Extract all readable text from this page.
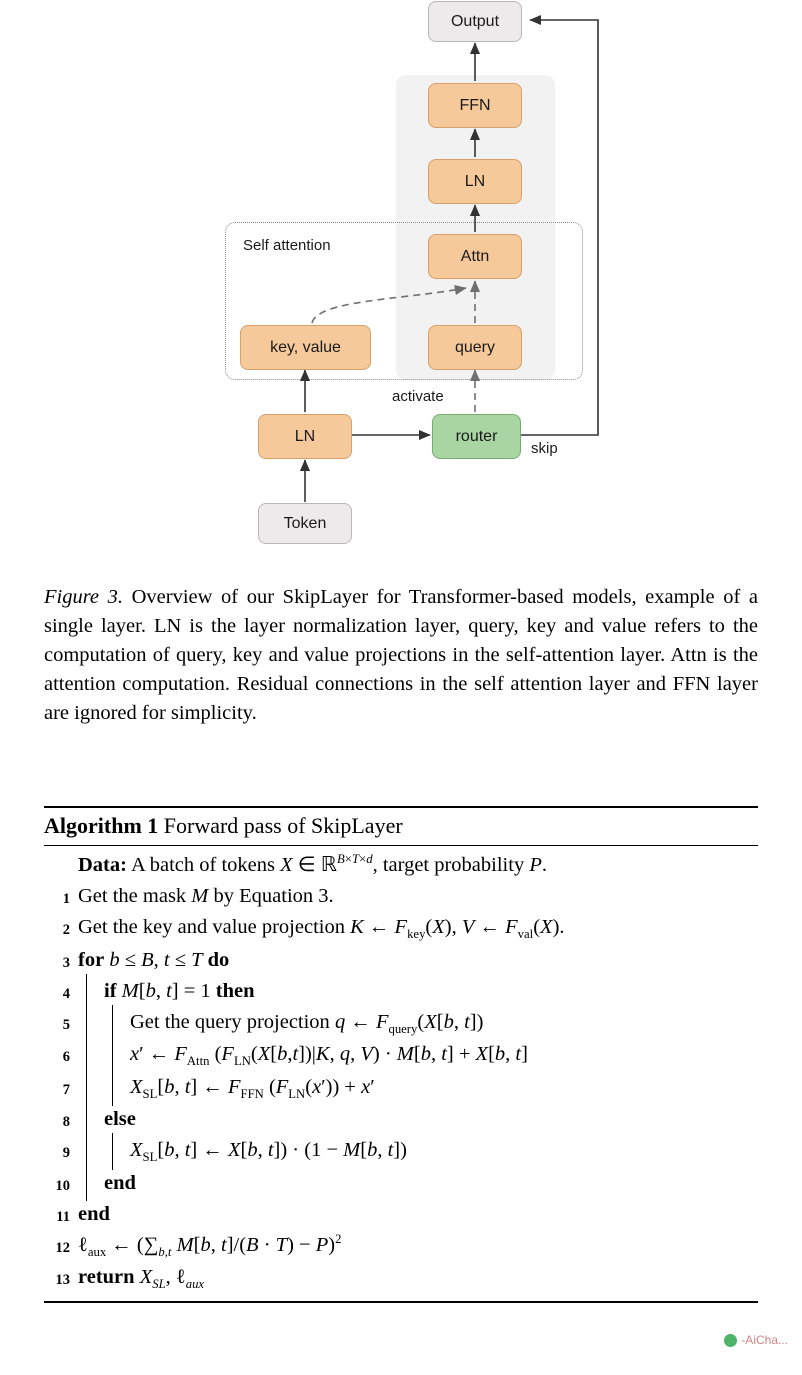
Self attention
Output
FFN
LN
Attn
key, value	query
LN	router
Token
activate
skip
Figure 3. Overview of our SkipLayer for Transformer-based models, example of a single layer. LN is the layer normalization layer, query, key and value refers to the computation of query, key and value projections in the self-attention layer. Attn is the attention computation. Residual connections in the self attention layer and FFN layer are ignored for simplicity.
Algorithm 1 Forward pass of SkipLayer
Data: A batch of tokens X ∈ ℝ$^{B\times T\times d}$, target probability P.
1 Get the mask M by Equation 3.
2 Get the key and value projection K ← $F_{key}(X)$, V ← $F_{val}(X)$.
3 for b ≤ B, t ≤ T do
4	if M[b, t] = 1 then
5	Get the query projection q ← $F_{query}(X[b$, t])
6	x′ ← $F_{Attn}$ ($F_{LN}(X[b,t])|K$, q, V) · M[b, t] + X[b, t]
7	$X_{SL}[b$, t] ← $F_{FFN}$ $(F_{LN}(x')) + x'$
8	else
9	$X_{SL}[b$, t] ← X[b, t]) · (1 − M[b, t])
10	end
11 end
12 ℓ$_{aux}$ ← ($\sum_{b,t}$ M[b, t]/(B · T) − P)$^2$
13 return $X_{SL}$, ℓ$_{aux}$
-AiCha...
